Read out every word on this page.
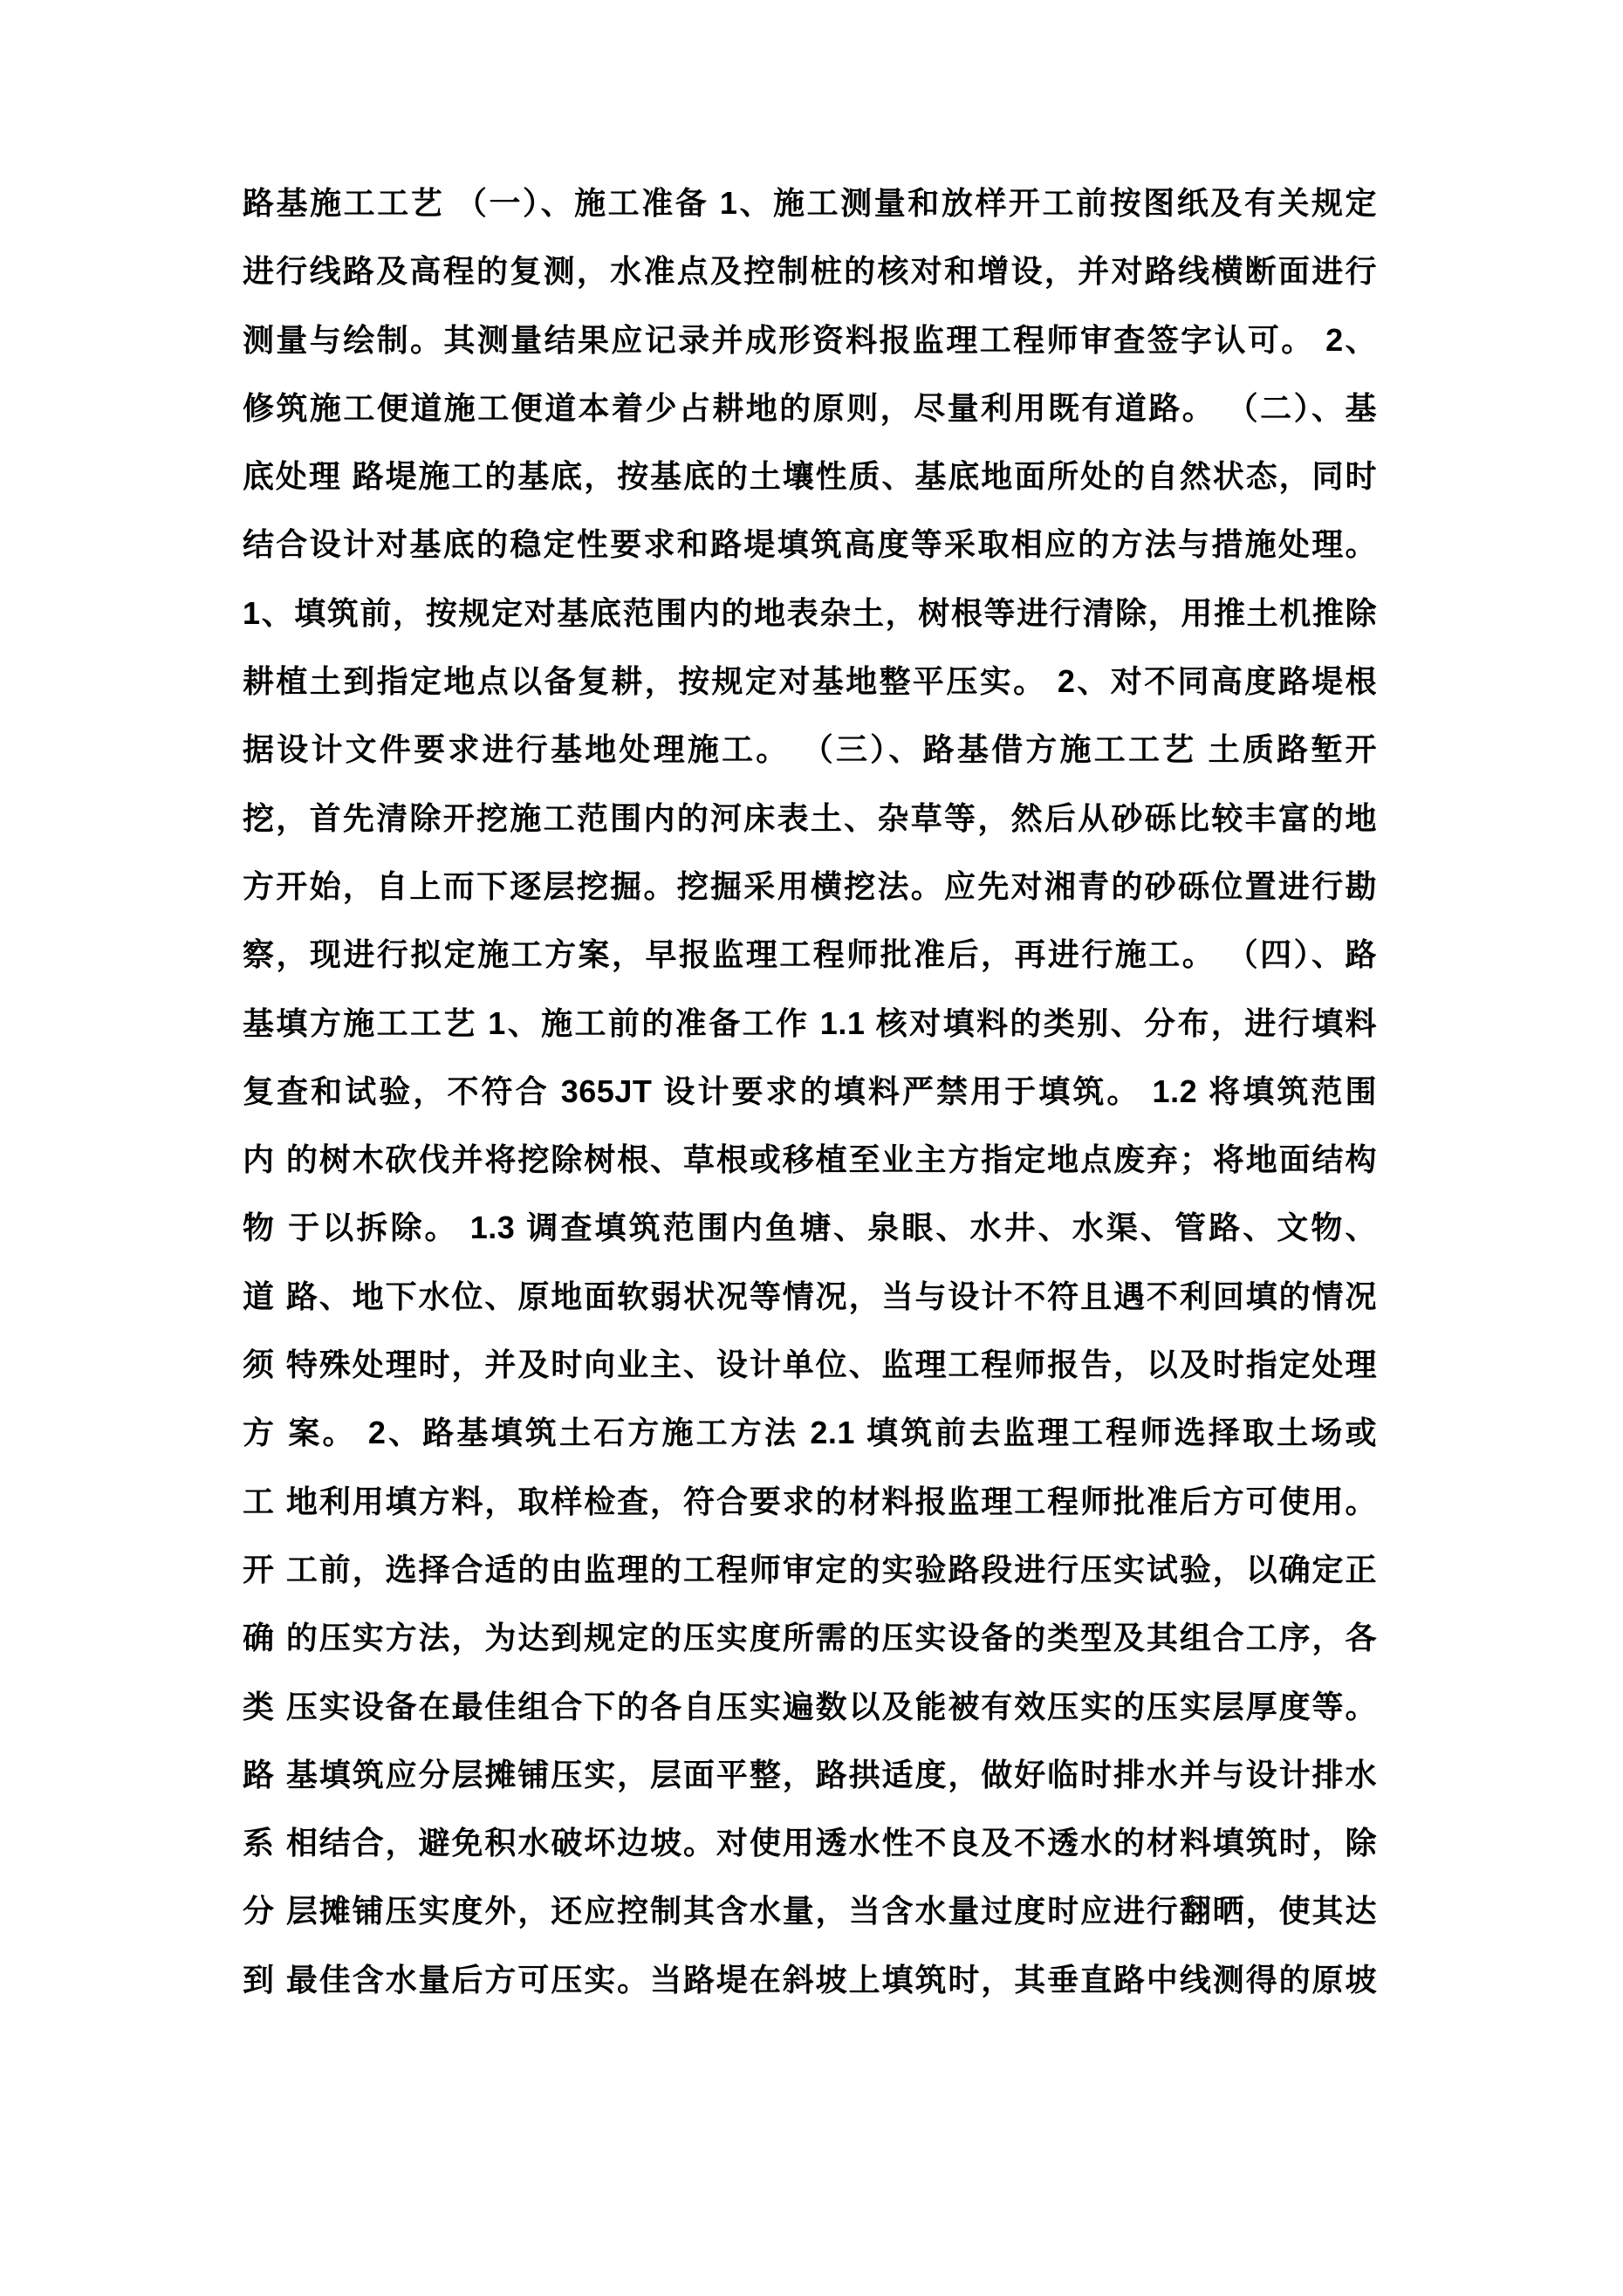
路基施工工艺 （一）、施工准备 1、施工测量和放样开工前按图纸及有关规定
进行线路及高程的复测，水准点及控制桩的核对和增设，并对路线横断面进行
测量与绘制。其测量结果应记录并成形资料报监理工程师审查签字认可。 2、
修筑施工便道施工便道本着少占耕地的原则，尽量利用既有道路。 （二）、基
底处理 路堤施工的基底，按基底的土壤性质、基底地面所处的自然状态，同时
结合设计对基底的稳定性要求和路堤填筑高度等采取相应的方法与措施处理。
1、填筑前，按规定对基底范围内的地表杂土，树根等进行清除，用推土机推除
耕植土到指定地点以备复耕，按规定对基地整平压实。 2、对不同高度路堤根
据设计文件要求进行基地处理施工。 （三）、路基借方施工工艺 土质路堑开
挖，首先清除开挖施工范围内的河床表土、杂草等，然后从砂砾比较丰富的地
方开始，自上而下逐层挖掘。挖掘采用横挖法。应先对湘青的砂砾位置进行勘
察，现进行拟定施工方案，早报监理工程师批准后，再进行施工。 （四）、路
基填方施工工艺 1、施工前的准备工作 1.1 核对填料的类别、分布，进行填料
复查和试验，不符合 365JT 设计要求的填料严禁用于填筑。 1.2 将填筑范围
内 的树木砍伐并将挖除树根、草根或移植至业主方指定地点废弃；将地面结构
物 于以拆除。 1.3 调查填筑范围内鱼塘、泉眼、水井、水渠、管路、文物、
道 路、地下水位、原地面软弱状况等情况，当与设计不符且遇不利回填的情况
须 特殊处理时，并及时向业主、设计单位、监理工程师报告，以及时指定处理
方 案。 2、路基填筑土石方施工方法 2.1 填筑前去监理工程师选择取土场或
工 地利用填方料，取样检查，符合要求的材料报监理工程师批准后方可使用。
开 工前，选择合适的由监理的工程师审定的实验路段进行压实试验，以确定正
确 的压实方法，为达到规定的压实度所需的压实设备的类型及其组合工序，各
类 压实设备在最佳组合下的各自压实遍数以及能被有效压实的压实层厚度等。
路 基填筑应分层摊铺压实，层面平整，路拱适度，做好临时排水并与设计排水
系 相结合，避免积水破坏边坡。对使用透水性不良及不透水的材料填筑时，除
分 层摊铺压实度外，还应控制其含水量，当含水量过度时应进行翻晒，使其达
到 最佳含水量后方可压实。当路堤在斜坡上填筑时，其垂直路中线测得的原坡
